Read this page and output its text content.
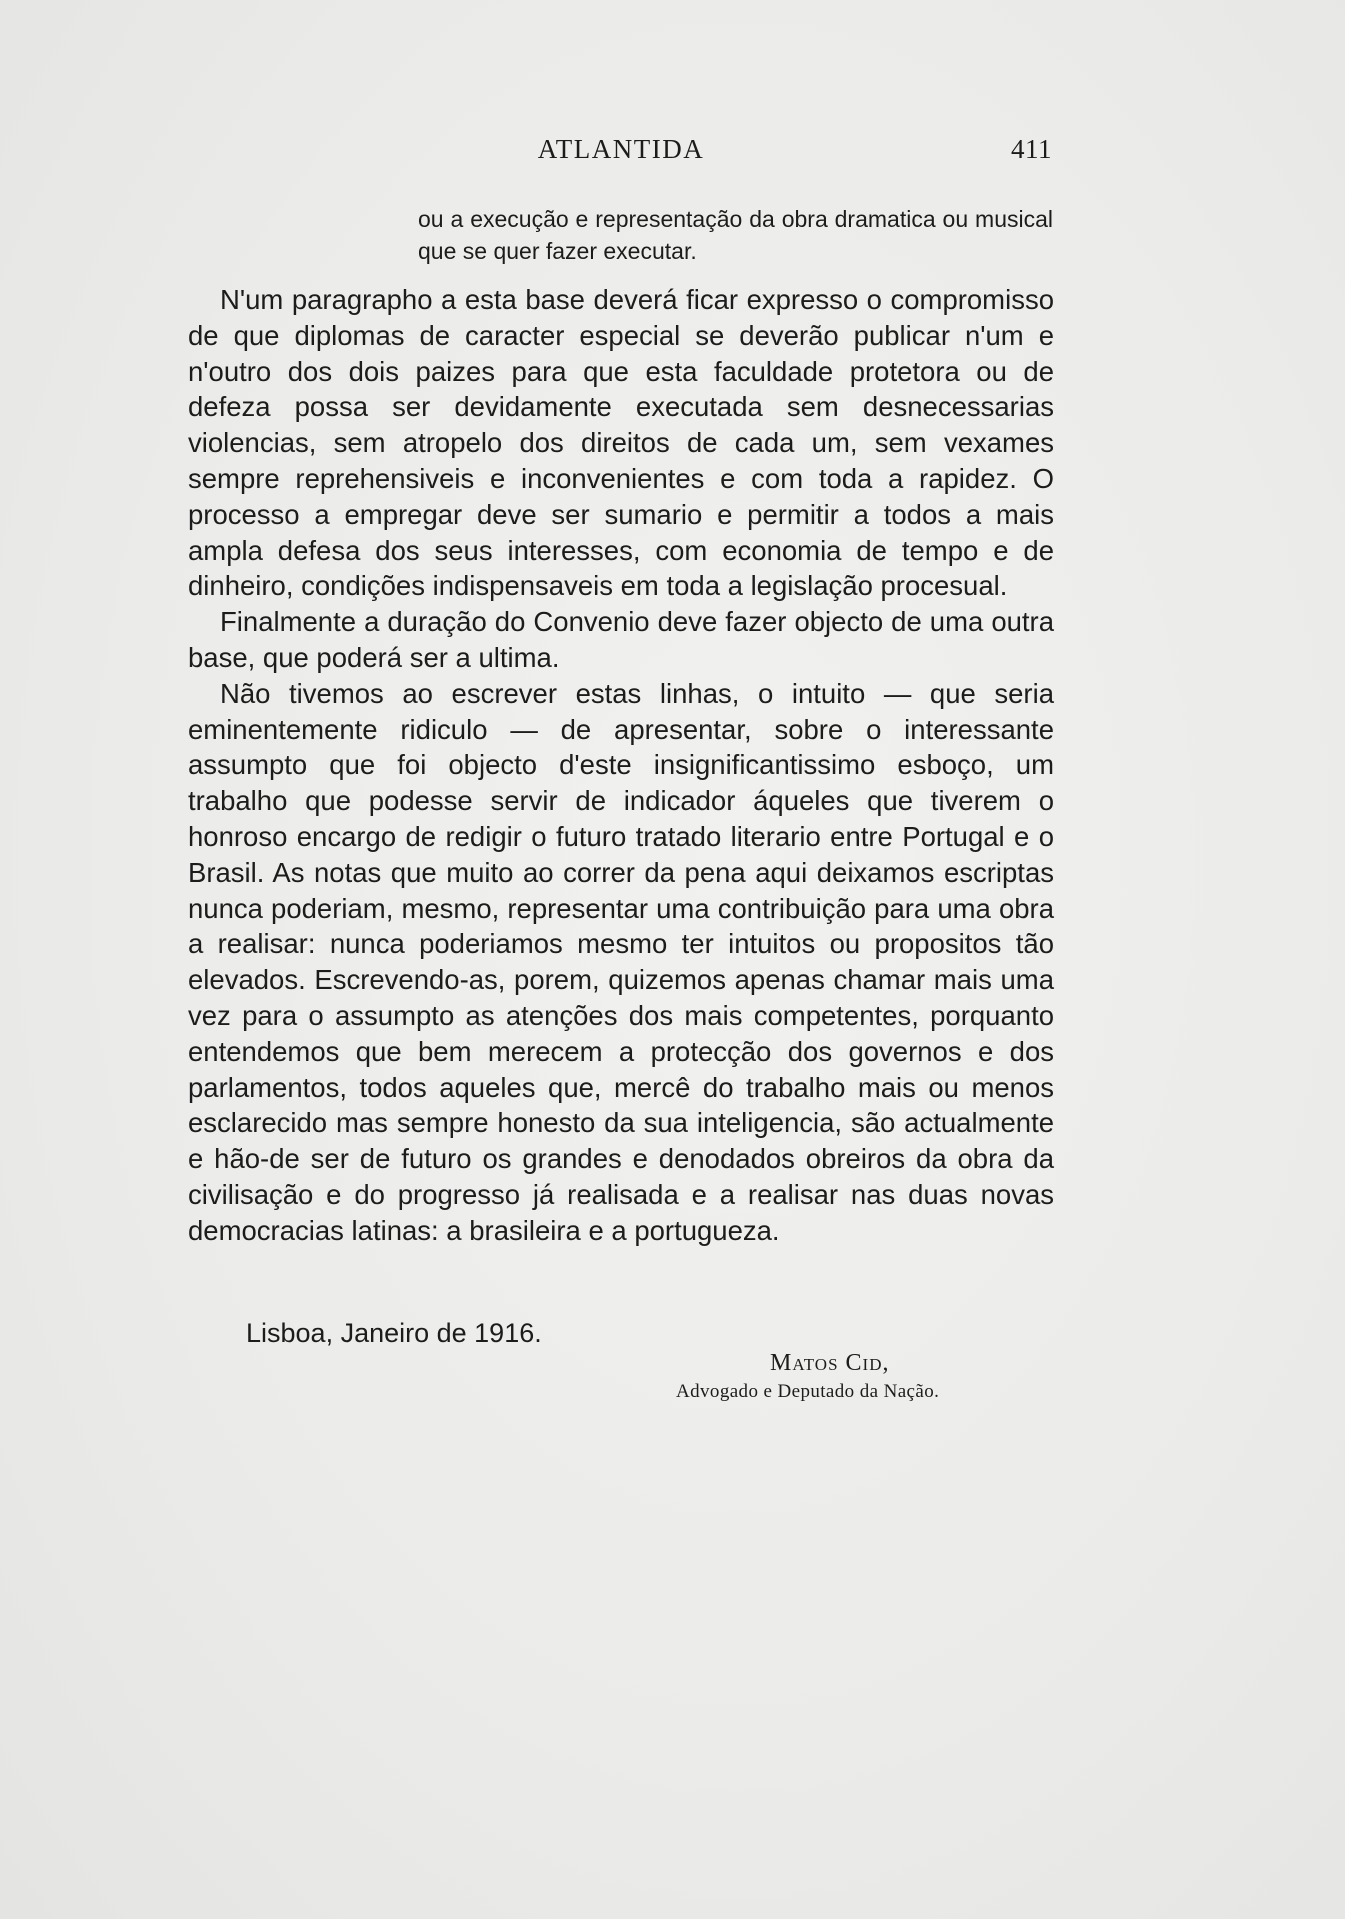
ATLANTIDA	411

ou a execução e representação da obra dramatica ou musical que se quer fazer executar.

N'um paragrapho a esta base deverá ficar expresso o compromisso de que diplomas de caracter especial se deverão publicar n'um e n'outro dos dois paizes para que esta faculdade protetora ou de defeza possa ser devidamente executada sem desnecessarias violencias, sem atropelo dos direitos de cada um, sem vexames sempre reprehensiveis e inconvenientes e com toda a rapidez. O processo a empregar deve ser sumario e permitir a todos a mais ampla defesa dos seus interesses, com economia de tempo e de dinheiro, condições indispensaveis em toda a legislação procesual.

Finalmente a duração do Convenio deve fazer objecto de uma outra base, que poderá ser a ultima.

Não tivemos ao escrever estas linhas, o intuito — que seria eminentemente ridiculo — de apresentar, sobre o interessante assumpto que foi objecto d'este insignificantissimo esboço, um trabalho que podesse servir de indicador áqueles que tiverem o honroso encargo de redigir o futuro tratado literario entre Portugal e o Brasil. As notas que muito ao correr da pena aqui deixamos escriptas nunca poderiam, mesmo, representar uma contribuição para uma obra a realisar: nunca poderiamos mesmo ter intuitos ou propositos tão elevados. Escrevendo-as, porem, quizemos apenas chamar mais uma vez para o assumpto as atenções dos mais competentes, porquanto entendemos que bem merecem a protecção dos governos e dos parlamentos, todos aqueles que, mercê do trabalho mais ou menos esclarecido mas sempre honesto da sua inteligencia, são actualmente e hão-de ser de futuro os grandes e denodados obreiros da obra da civilisação e do progresso já realisada e a realisar nas duas novas democracias latinas: a brasileira e a portugueza.

Lisboa, Janeiro de 1916.
Matos Cid,
Advogado e Deputado da Nação.
